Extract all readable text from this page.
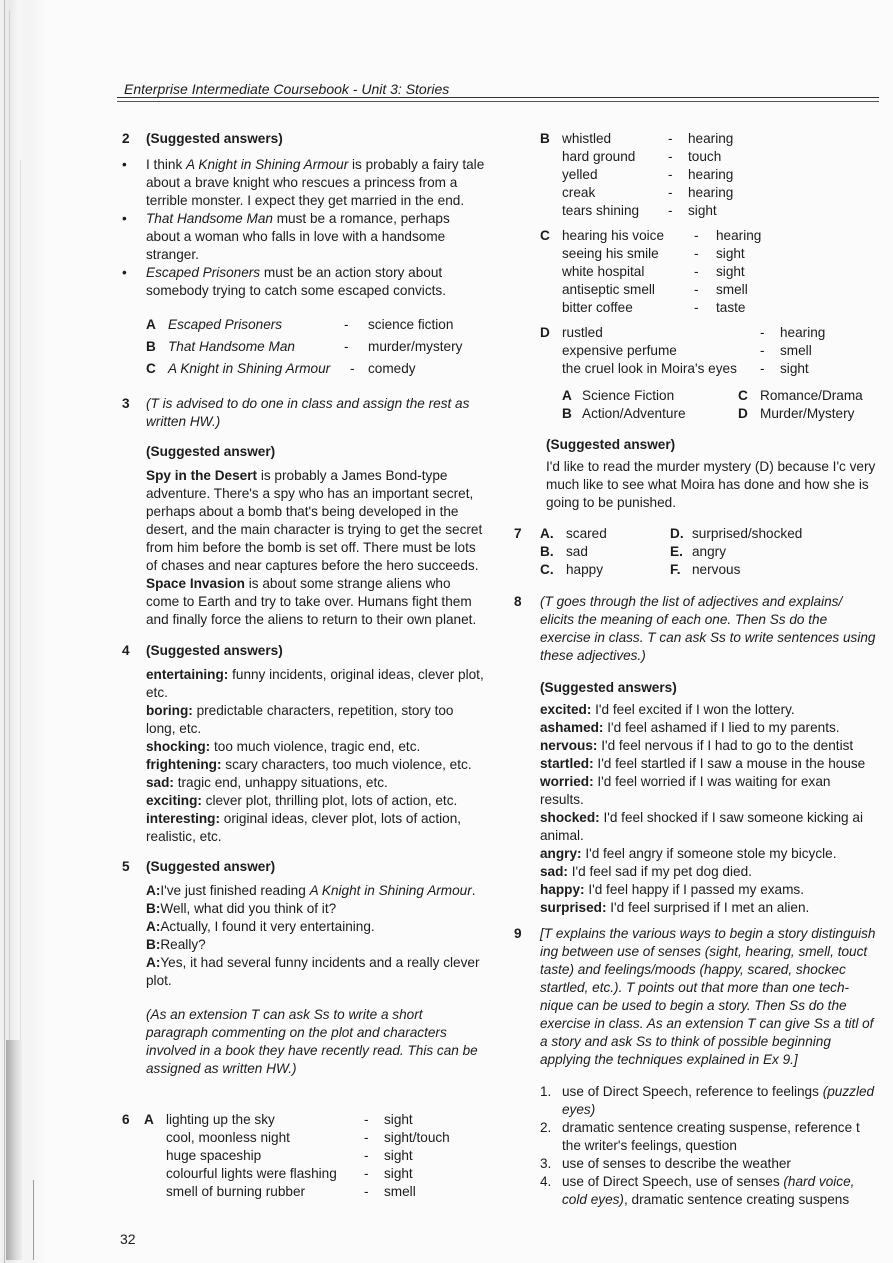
Enterprise Intermediate Coursebook - Unit 3: Stories
2 (Suggested answers)

• I think A Knight in Shining Armour is probably a fairy tale about a brave knight who rescues a princess from a terrible monster. I expect they get married in the end.

• That Handsome Man must be a romance, perhaps about a woman who falls in love with a handsome stranger.

• Escaped Prisoners must be an action story about somebody trying to catch some escaped convicts.

A Escaped Prisoners	-	science fiction
B That Handsome Man	-	murder/mystery
C A Knight in Shining Armour	- comedy
3 (T is advised to do one in class and assign the rest as written HW.)

(Suggested answer)

Spy in the Desert is probably a James Bond-type adventure. There's a spy who has an important secret, perhaps about a bomb that's being developed in the desert, and the main character is trying to get the secret from him before the bomb is set off. There must be lots of chases and near captures before the hero succeeds. Space Invasion is about some strange aliens who come to Earth and try to take over. Humans fight them and finally force the aliens to return to their own planet.

4 (Suggested answers)

entertaining: funny incidents, original ideas, clever plot, etc.

boring: predictable characters, repetition, story too long, etc.

shocking: too much violence, tragic end, etc.

frightening: scary characters, too much violence, etc.

sad: tragic end, unhappy situations, etc.

exciting: clever plot, thrilling plot, lots of action, etc.

interesting: original ideas, clever plot, lots of action, realistic, etc.

5 (Suggested answer)

A:I've just finished reading A Knight in Shining Armour.

B:Well, what did you think of it?

A:Actually, I found it very entertaining.

B:Really?

A:Yes, it had several funny incidents and a really clever plot.

(As an extension T can ask Ss to write a short paragraph commenting on the plot and characters involved in a book they have recently read. This can be assigned as written HW.)

6 A lighting up the sky	-	sight
cool, moonless night	-	sight/touch
huge spaceship	-	sight
colourful lights were flashing	-	sight
smell of burning rubber	-	smell
32
B whistled	-	hearing
hard ground	-	touch
yelled	-	hearing
creak	-	hearing
tears shining	-	sight
C hearing his voice	-	hearing
seeing his smile	-	sight
white hospital	-	sight
antiseptic smell	-	smell
bitter coffee	-	taste
D rustled	-	hearing
expensive perfume	-	smell
the cruel look in Moira's eyes	-	sight
A Science Fiction	C Romance/Drama
B Action/Adventure	D Murder/Mystery

(Suggested answer)

I'd like to read the murder mystery (D) because I'c very much like to see what Moira has done and how she is going to be punished.

7 A. scared	D. surprised/shocked
B. sad	E. angry
C. happy	F. nervous
8 (T goes through the list of adjectives and explains/ elicits the meaning of each one. Then Ss do the exercise in class. T can ask Ss to write sentences using these adjectives.)

(Suggested answers)

excited: I'd feel excited if I won the lottery.

ashamed: I'd feel ashamed if I lied to my parents.

nervous: I'd feel nervous if I had to go to the dentist

startled: I'd feel startled if I saw a mouse in the house

worried: I'd feel worried if I was waiting for exan results.

shocked: I'd feel shocked if I saw someone kicking ai animal.

angry: I'd feel angry if someone stole my bicycle.

sad: I'd feel sad if my pet dog died.

happy: I'd feel happy if I passed my exams.

surprised: I'd feel surprised if I met an alien.

9 [T explains the various ways to begin a story distinguish ing between use of senses (sight, hearing, smell, touct taste) and feelings/moods (happy, scared, shockec startled, etc.). T points out that more than one tech- nique can be used to begin a story. Then Ss do the exercise in class. As an extension T can give Ss a titl of a story and ask Ss to think of possible beginning applying the techniques explained in Ex 9.]

1. use of Direct Speech, reference to feelings (puzzled eyes)

2. dramatic sentence creating suspense, reference t the writer's feelings, question

3. use of senses to describe the weather

4. use of Direct Speech, use of senses (hard voice, cold eyes), dramatic sentence creating suspens
